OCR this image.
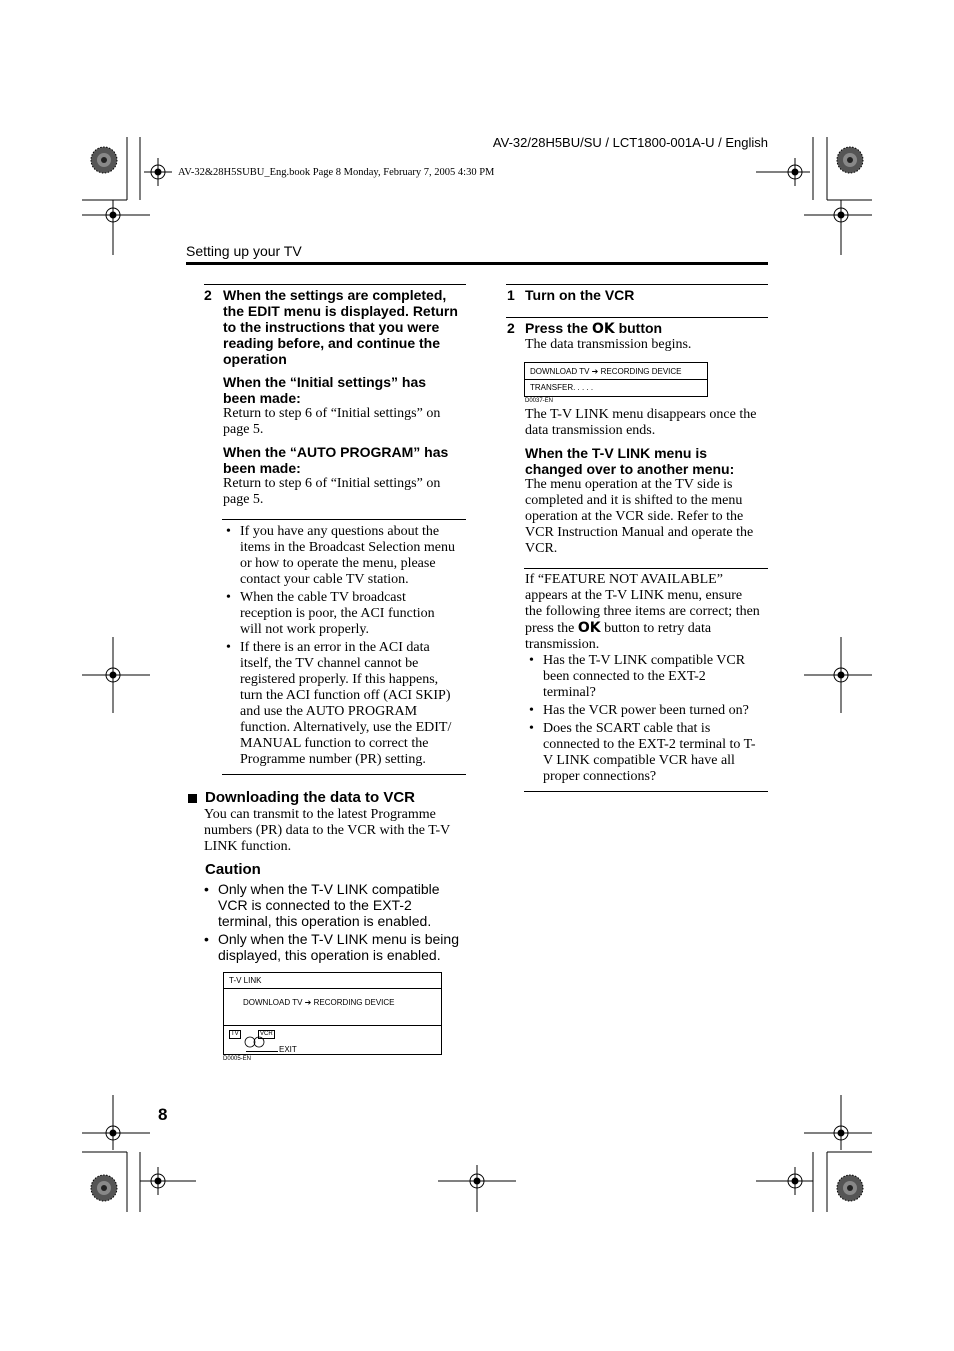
AV-32/28H5BU/SU / LCT1800-001A-U / English
AV-32&28H5SUBU_Eng.book Page 8 Monday, February 7, 2005 4:30 PM
Setting up your TV
2 When the settings are completed,
the EDIT menu is displayed. Return
to the instructions that you were
reading before, and continue the
operation
When the “Initial settings” has
been made:
Return to step 6 of “Initial settings” on
page 5.
When the “AUTO PROGRAM” has
been made:
Return to step 6 of “Initial settings” on
page 5.
• If you have any questions about the
items in the Broadcast Selection menu
or how to operate the menu, please
contact your cable TV station.
• When the cable TV broadcast
reception is poor, the ACI function
will not work properly.
• If there is an error in the ACI data
itself, the TV channel cannot be
registered properly. If this happens,
turn the ACI function off (ACI SKIP)
and use the AUTO PROGRAM
function. Alternatively, use the EDIT/
MANUAL function to correct the
Programme number (PR) setting.
Downloading the data to VCR
You can transmit to the latest Programme
numbers (PR) data to the VCR with the T-V
LINK function.
Caution
• Only when the T-V LINK compatible
VCR is connected to the EXT-2
terminal, this operation is enabled.
• Only when the T-V LINK menu is being
displayed, this operation is enabled.
T-V LINK
DOWNLOAD TV ➔ RECORDING DEVICE
TV	VCR
EXIT
D0005-EN
8
1 Turn on the VCR
2 Press the OK button
The data transmission begins.
DOWNLOAD TV ➔ RECORDING DEVICE
TRANSFER. . . . .
D0037-EN
The T-V LINK menu disappears once the
data transmission ends.
When the T-V LINK menu is
changed over to another menu:
The menu operation at the TV side is
completed and it is shifted to the menu
operation at the VCR side. Refer to the
VCR Instruction Manual and operate the
VCR.
If “FEATURE NOT AVAILABLE”
appears at the T-V LINK menu, ensure
the following three items are correct; then
press the OK button to retry data
transmission.
• Has the T-V LINK compatible VCR
been connected to the EXT-2
terminal?
• Has the VCR power been turned on?
• Does the SCART cable that is
connected to the EXT-2 terminal to T-
V LINK compatible VCR have all
proper connections?
